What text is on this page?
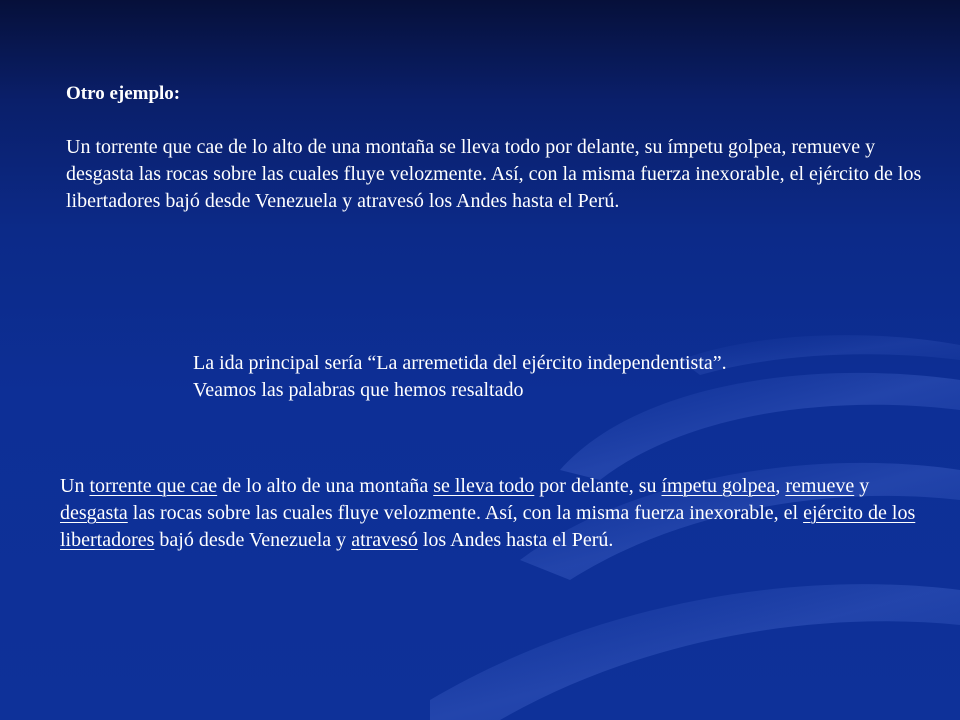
Otro ejemplo:

Un torrente que cae de lo alto de una montaña se lleva todo por delante, su ímpetu golpea, remueve y desgasta las rocas sobre las cuales fluye velozmente. Así, con la misma fuerza inexorable, el ejército de los libertadores bajó desde Venezuela y atravesó los Andes hasta el Perú.

La ida principal sería “La arremetida del ejército independentista”.

Veamos las palabras que hemos resaltado

Un torrente que cae de lo alto de una montaña se lleva todo por delante, su ímpetu golpea, remueve y desgasta las rocas sobre las cuales fluye velozmente. Así, con la misma fuerza inexorable, el ejército de los libertadores bajó desde Venezuela y atravesó los Andes hasta el Perú.
